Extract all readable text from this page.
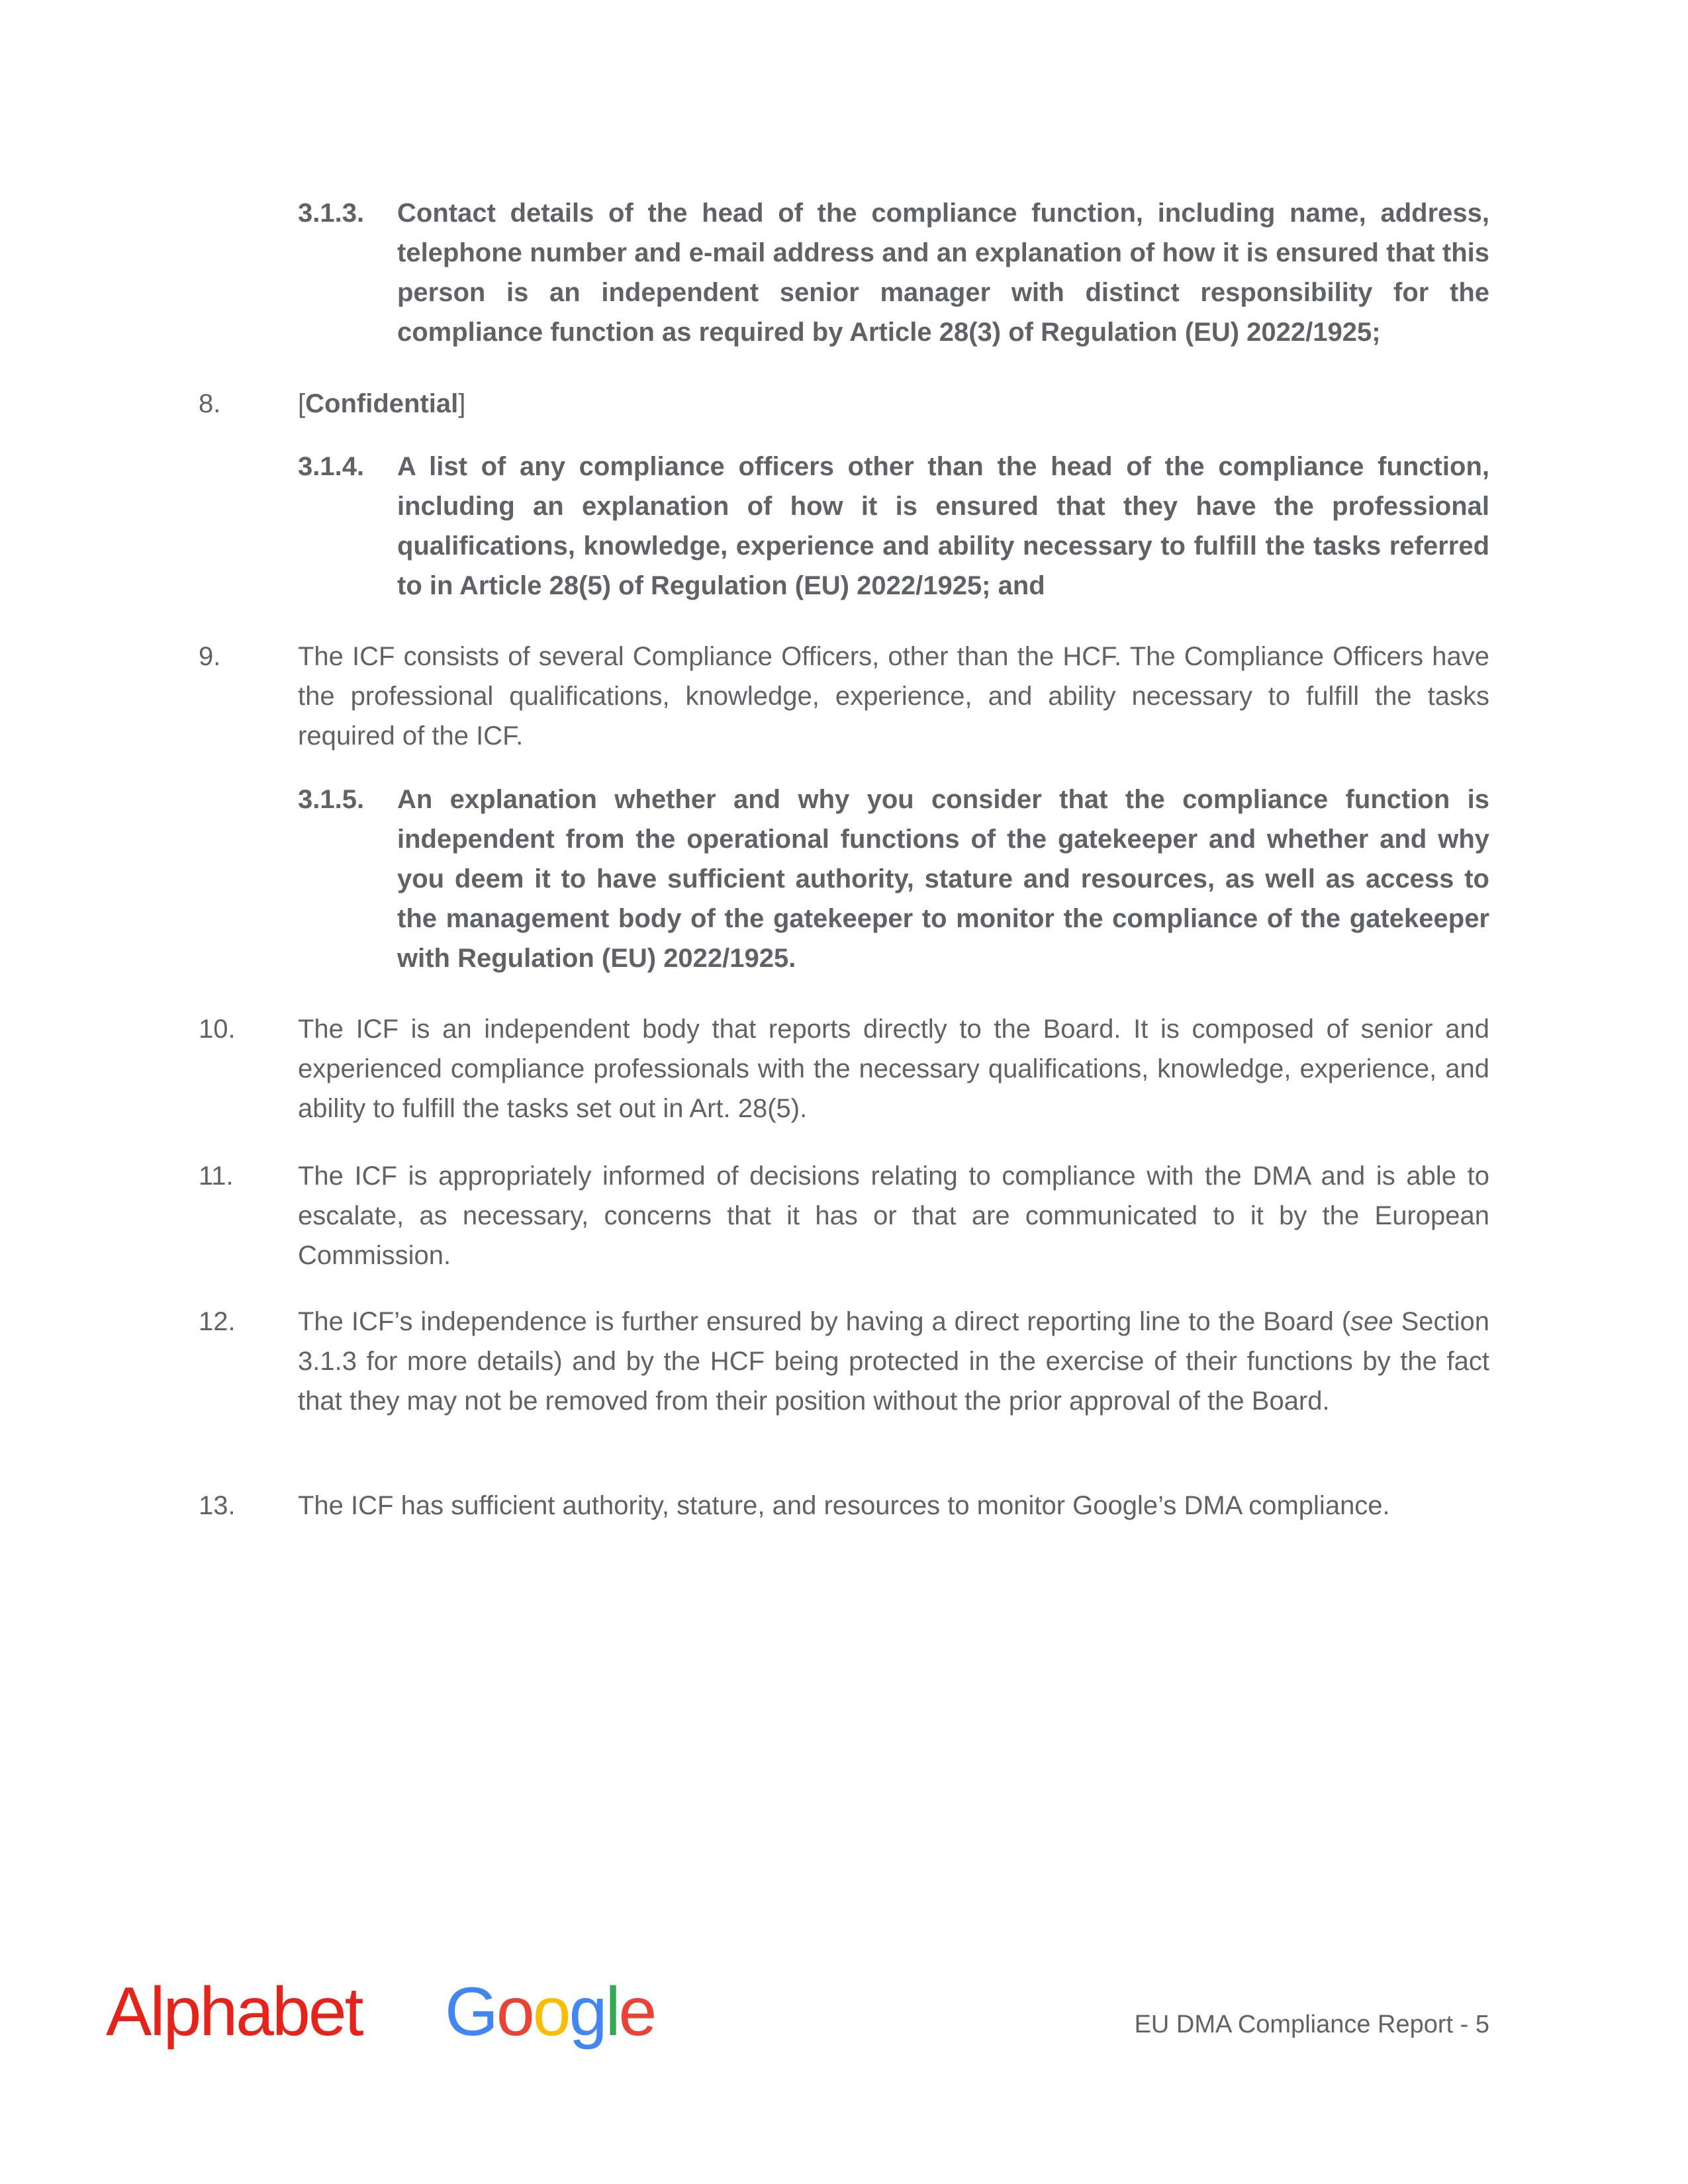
3.1.3. Contact details of the head of the compliance function, including name, address, telephone number and e-mail address and an explanation of how it is ensured that this person is an independent senior manager with distinct responsibility for the compliance function as required by Article 28(3) of Regulation (EU) 2022/1925;
8.	[Confidential]
3.1.4. A list of any compliance officers other than the head of the compliance function, including an explanation of how it is ensured that they have the professional qualifications, knowledge, experience and ability necessary to fulfill the tasks referred to in Article 28(5) of Regulation (EU) 2022/1925; and
9.	The ICF consists of several Compliance Officers, other than the HCF. The Compliance Officers have the professional qualifications, knowledge, experience, and ability necessary to fulfill the tasks required of the ICF.
3.1.5. An explanation whether and why you consider that the compliance function is independent from the operational functions of the gatekeeper and whether and why you deem it to have sufficient authority, stature and resources, as well as access to the management body of the gatekeeper to monitor the compliance of the gatekeeper with Regulation (EU) 2022/1925.
10. The ICF is an independent body that reports directly to the Board. It is composed of senior and experienced compliance professionals with the necessary qualifications, knowledge, experience, and ability to fulfill the tasks set out in Art. 28(5).
11. The ICF is appropriately informed of decisions relating to compliance with the DMA and is able to escalate, as necessary, concerns that it has or that are communicated to it by the European Commission.
12. The ICF’s independence is further ensured by having a direct reporting line to the Board (see Section 3.1.3 for more details) and by the HCF being protected in the exercise of their functions by the fact that they may not be removed from their position without the prior approval of the Board.
13. The ICF has sufficient authority, stature, and resources to monitor Google’s DMA compliance.
Alphabet Google	EU DMA Compliance Report - 5
